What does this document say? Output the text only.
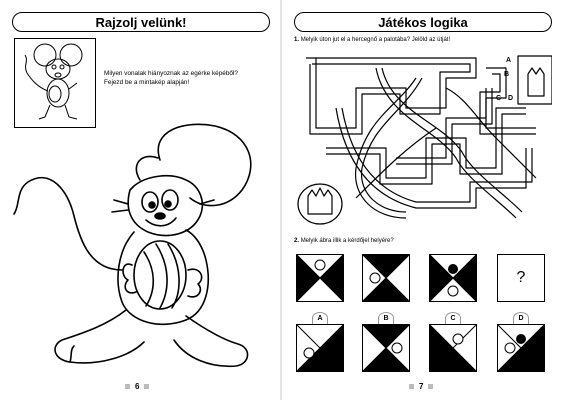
Rajzolj velünk!
Milyen vonalak hiányoznak az egérke képéből?
Fejezd be a mintakép alapján!
6
Játékos logika
1. Melyik úton jut el a hercegnő a palotába? Jelöld az útját!
A
B
C D
2. Melyik ábra illik a kérdőjel helyére?
?
A	B	C	D
7
